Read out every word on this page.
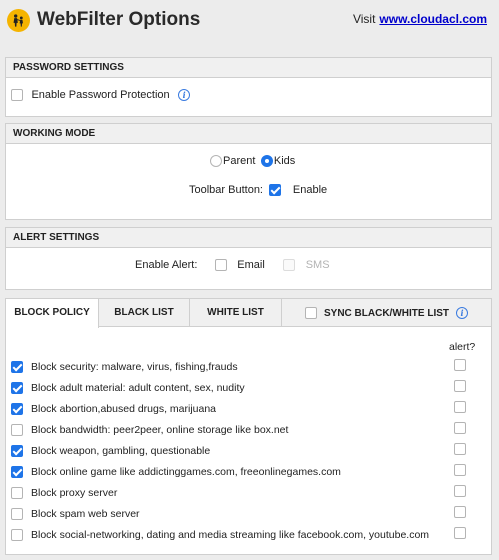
WebFilter Options	Visit www.cloudacl.com
PASSWORD SETTINGS
Enable Password Protection i
WORKING MODE
Parent Kids
Toolbar Button:	Enable
ALERT SETTINGS
Enable Alert:	Email	SMS
BLOCK POLICY	BLACK LIST	WHITE LIST	SYNC BLACK/WHITE LIST	i
alert?
Block security: malware, virus, fishing,frauds
Block adult material: adult content, sex, nudity
Block abortion,abused drugs, marijuana
Block bandwidth: peer2peer, online storage like box.net
Block weapon, gambling, questionable
Block online game like addictinggames.com, freeonlinegames.com
Block proxy server
Block spam web server
Block social-networking, dating and media streaming like facebook.com, youtube.com
